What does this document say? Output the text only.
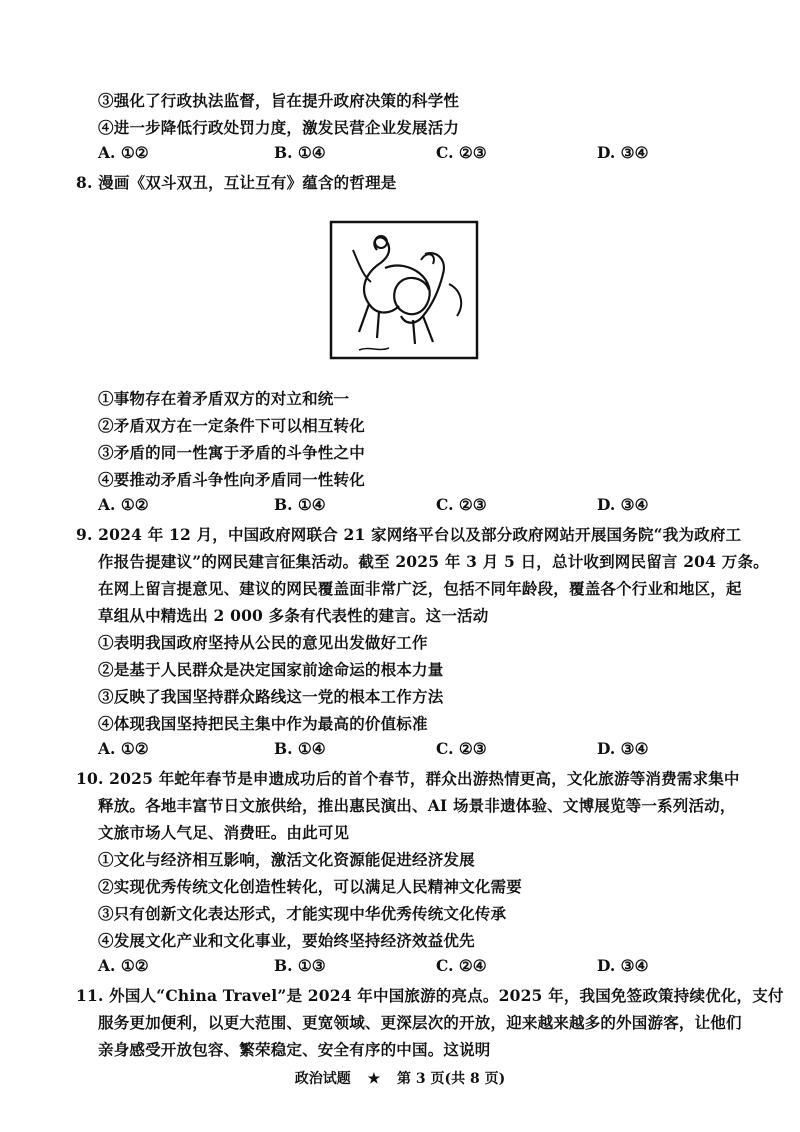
③强化了行政执法监督，旨在提升政府决策的科学性
④进一步降低行政处罚力度，激发民营企业发展活力
A. ①②	B. ①④	C. ②③	D. ③④
8. 漫画《双斗双丑，互让互有》蕴含的哲理是
①事物存在着矛盾双方的对立和统一
②矛盾双方在一定条件下可以相互转化
③矛盾的同一性寓于矛盾的斗争性之中
④要推动矛盾斗争性向矛盾同一性转化
A. ①②	B. ①④	C. ②③	D. ③④
9. 2024 年 12 月，中国政府网联合 21 家网络平台以及部分政府网站开展国务院“我为政府工
作报告提建议”的网民建言征集活动。截至 2025 年 3 月 5 日，总计收到网民留言 204 万条。
在网上留言提意见、建议的网民覆盖面非常广泛，包括不同年龄段，覆盖各个行业和地区，起
草组从中精选出 2 000 多条有代表性的建言。这一活动
①表明我国政府坚持从公民的意见出发做好工作
②是基于人民群众是决定国家前途命运的根本力量
③反映了我国坚持群众路线这一党的根本工作方法
④体现我国坚持把民主集中作为最高的价值标准
A. ①②	B. ①④	C. ②③	D. ③④
10. 2025 年蛇年春节是申遗成功后的首个春节，群众出游热情更高，文化旅游等消费需求集中
释放。各地丰富节日文旅供给，推出惠民演出、AI 场景非遗体验、文博展览等一系列活动，
文旅市场人气足、消费旺。由此可见
①文化与经济相互影响，激活文化资源能促进经济发展
②实现优秀传统文化创造性转化，可以满足人民精神文化需要
③只有创新文化表达形式，才能实现中华优秀传统文化传承
④发展文化产业和文化事业，要始终坚持经济效益优先
A. ①②	B. ①③	C. ②④	D. ③④
11. 外国人“China Travel”是 2024 年中国旅游的亮点。2025 年，我国免签政策持续优化，支付
服务更加便利，以更大范围、更宽领域、更深层次的开放，迎来越来越多的外国游客，让他们
亲身感受开放包容、繁荣稳定、安全有序的中国。这说明
政治试题 ★ 第 3 页(共 8 页)
